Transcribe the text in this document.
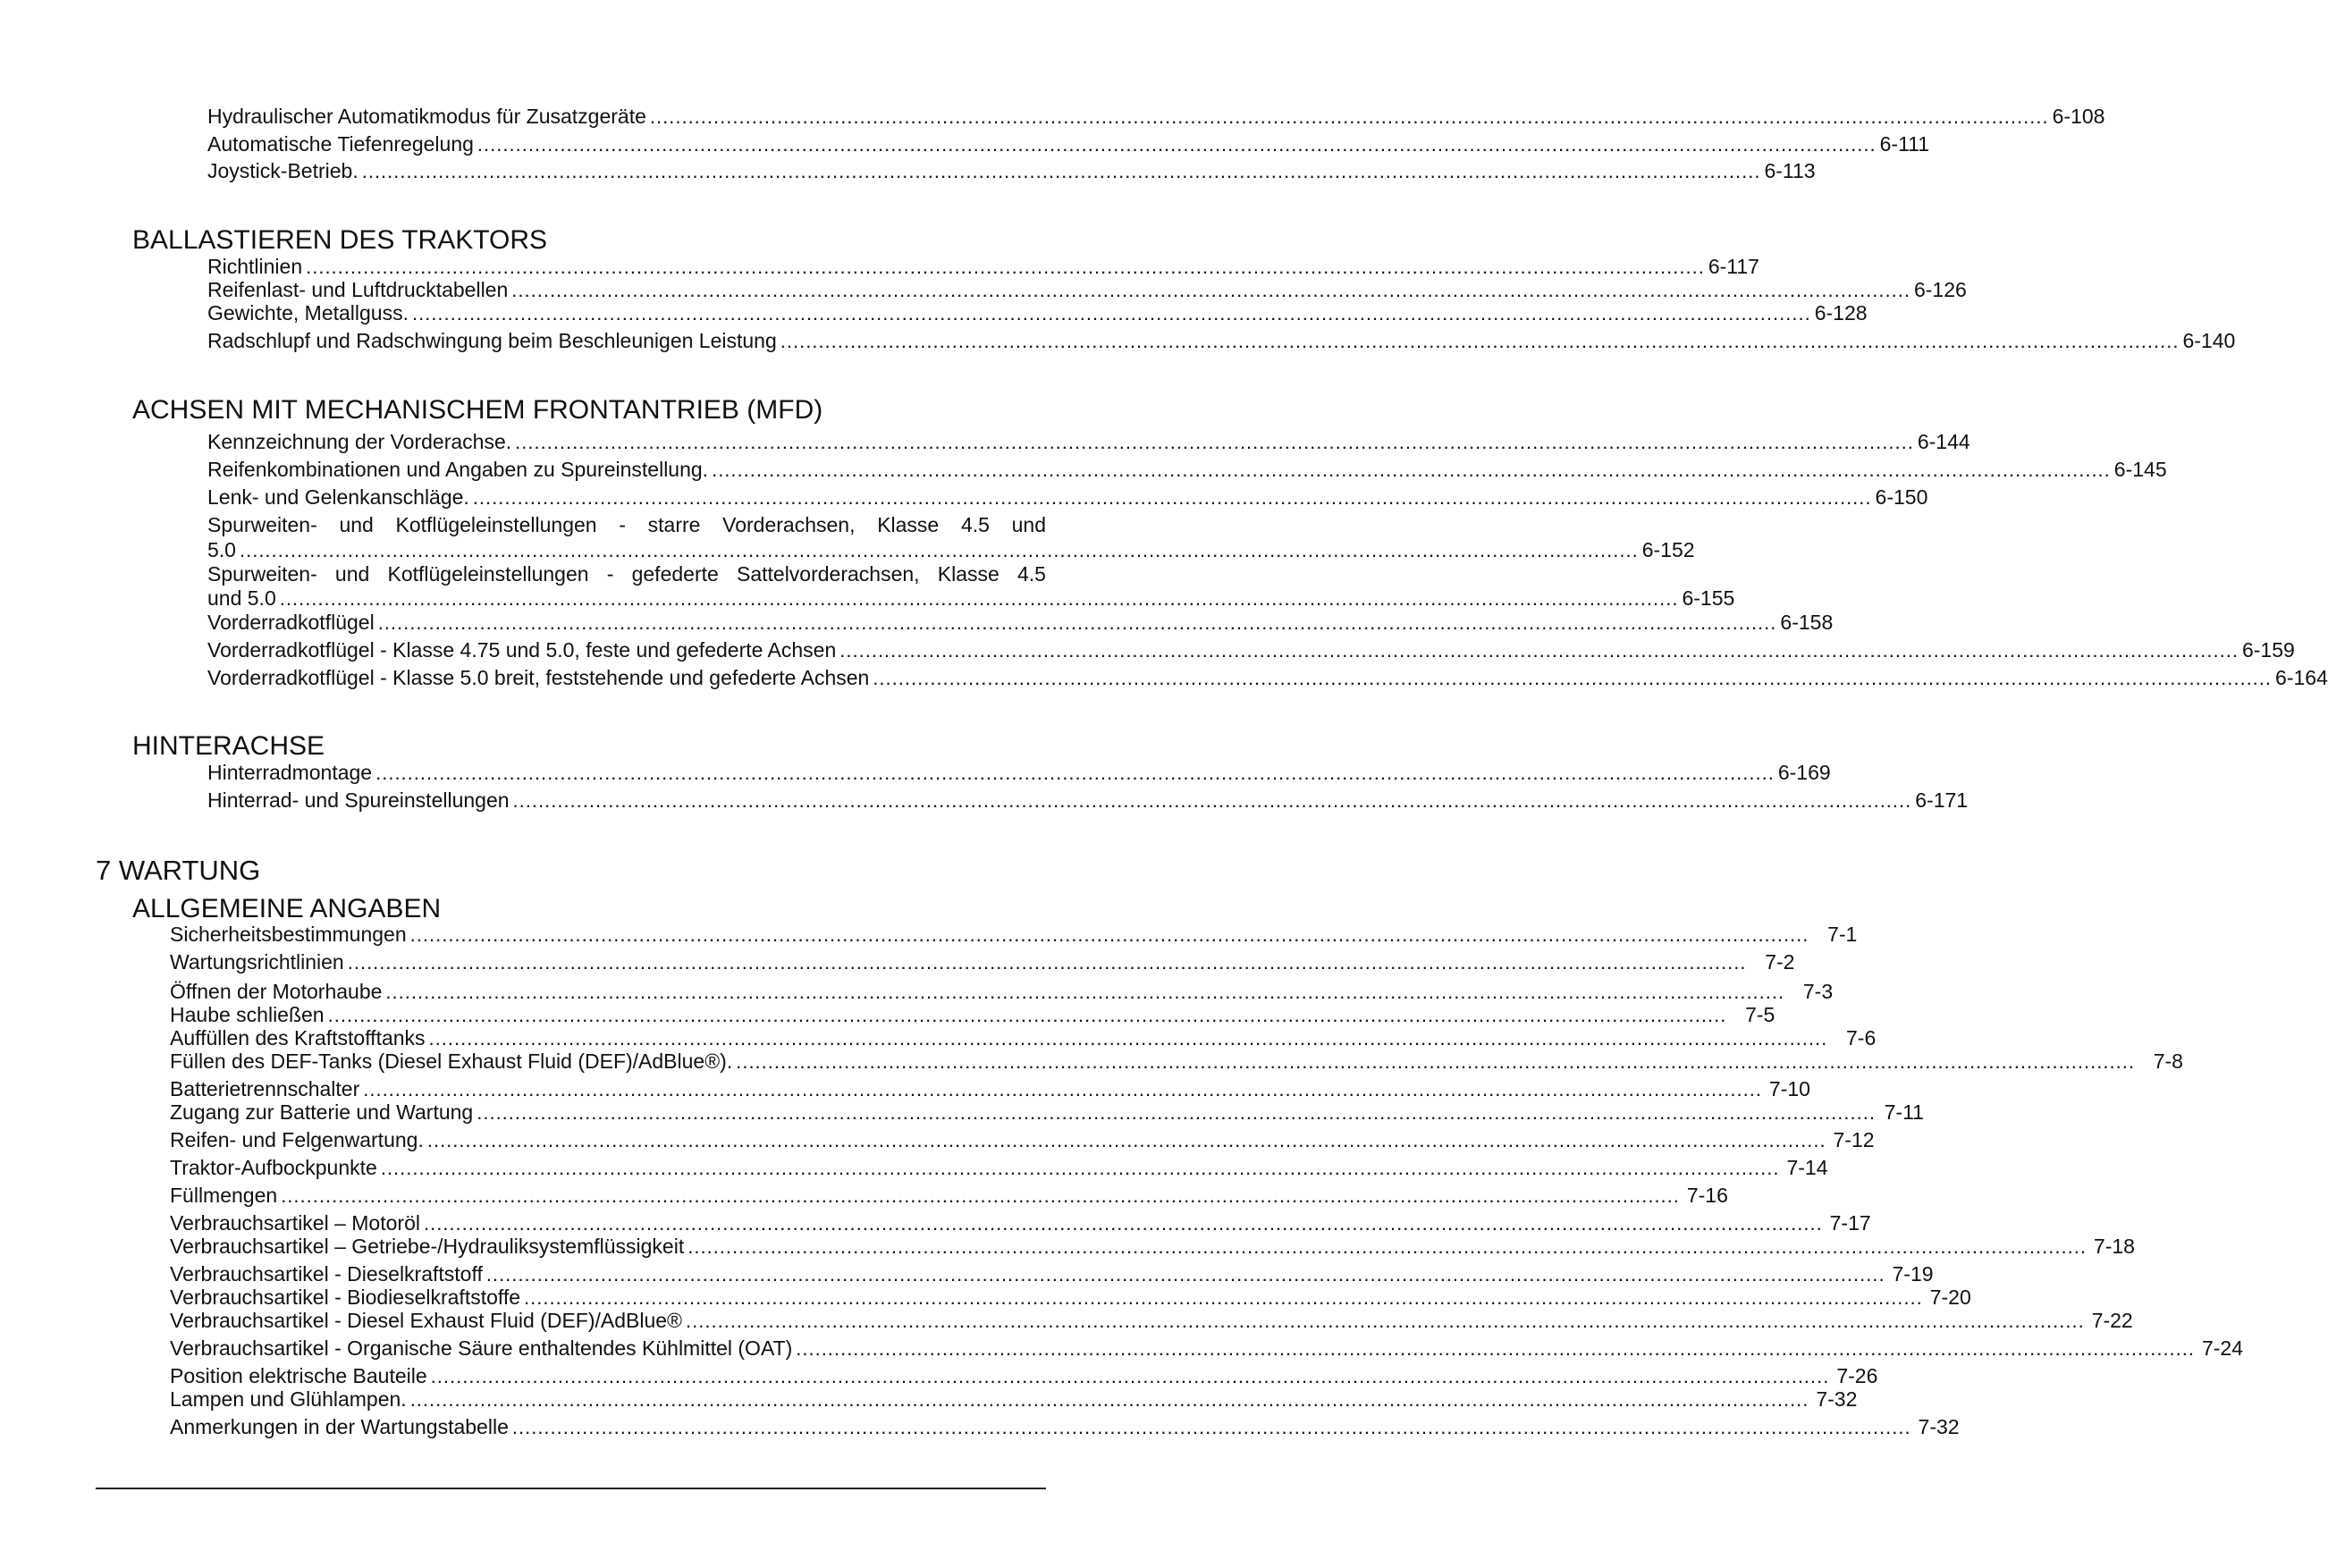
Hydraulischer Automatikmodus für Zusatzgeräte ............................................................................................................................................................................................................................ 6-108
Automatische Tiefenregelung ............................................................................................................................................................................................................................ 6-111
Joystick-Betrieb. ............................................................................................................................................................................................................................ 6-113
BALLASTIEREN DES TRAKTORS
Richtlinien ............................................................................................................................................................................................................................ 6-117
Reifenlast- und Luftdrucktabellen ............................................................................................................................................................................................................................ 6-126
Gewichte, Metallguss. ............................................................................................................................................................................................................................ 6-128
Radschlupf und Radschwingung beim Beschleunigen Leistung ............................................................................................................................................................................................................................ 6-140
ACHSEN MIT MECHANISCHEM FRONTANTRIEB (MFD)
Kennzeichnung der Vorderachse. ............................................................................................................................................................................................................................ 6-144
Reifenkombinationen und Angaben zu Spureinstellung. ............................................................................................................................................................................................................................ 6-145
Lenk- und Gelenkanschläge. ............................................................................................................................................................................................................................ 6-150
Spurweiten- und Kotflügeleinstellungen - starre Vorderachsen, Klasse 4.5 und
5.0 ............................................................................................................................................................................................................................ 6-152
Spurweiten- und Kotflügeleinstellungen - gefederte Sattelvorderachsen, Klasse 4.5
und 5.0 ............................................................................................................................................................................................................................ 6-155
Vorderradkotflügel ............................................................................................................................................................................................................................ 6-158
Vorderradkotflügel - Klasse 4.75 und 5.0, feste und gefederte Achsen ............................................................................................................................................................................................................................ 6-159
Vorderradkotflügel - Klasse 5.0 breit, feststehende und gefederte Achsen ............................................................................................................................................................................................................................ 6-164
HINTERACHSE
Hinterradmontage ............................................................................................................................................................................................................................ 6-169
Hinterrad- und Spureinstellungen ............................................................................................................................................................................................................................ 6-171
7 WARTUNG
ALLGEMEINE ANGABEN
Sicherheitsbestimmungen ............................................................................................................................................................................................................................ 7-1
Wartungsrichtlinien ............................................................................................................................................................................................................................ 7-2
Öffnen der Motorhaube ............................................................................................................................................................................................................................ 7-3
Haube schließen ............................................................................................................................................................................................................................ 7-5
Auffüllen des Kraftstofftanks ............................................................................................................................................................................................................................ 7-6
Füllen des DEF-Tanks (Diesel Exhaust Fluid (DEF)/AdBlue®). ............................................................................................................................................................................................................................ 7-8
Batterietrennschalter ............................................................................................................................................................................................................................ 7-10
Zugang zur Batterie und Wartung ............................................................................................................................................................................................................................ 7-11
Reifen- und Felgenwartung. ............................................................................................................................................................................................................................ 7-12
Traktor-Aufbockpunkte ............................................................................................................................................................................................................................ 7-14
Füllmengen ............................................................................................................................................................................................................................ 7-16
Verbrauchsartikel – Motoröl ............................................................................................................................................................................................................................ 7-17
Verbrauchsartikel – Getriebe-/Hydrauliksystemflüssigkeit ............................................................................................................................................................................................................................ 7-18
Verbrauchsartikel - Dieselkraftstoff ............................................................................................................................................................................................................................ 7-19
Verbrauchsartikel - Biodieselkraftstoffe ............................................................................................................................................................................................................................ 7-20
Verbrauchsartikel - Diesel Exhaust Fluid (DEF)/AdBlue® ............................................................................................................................................................................................................................ 7-22
Verbrauchsartikel - Organische Säure enthaltendes Kühlmittel (OAT) ............................................................................................................................................................................................................................ 7-24
Position elektrische Bauteile ............................................................................................................................................................................................................................ 7-26
Lampen und Glühlampen. ............................................................................................................................................................................................................................ 7-32
Anmerkungen in der Wartungstabelle ............................................................................................................................................................................................................................ 7-32
